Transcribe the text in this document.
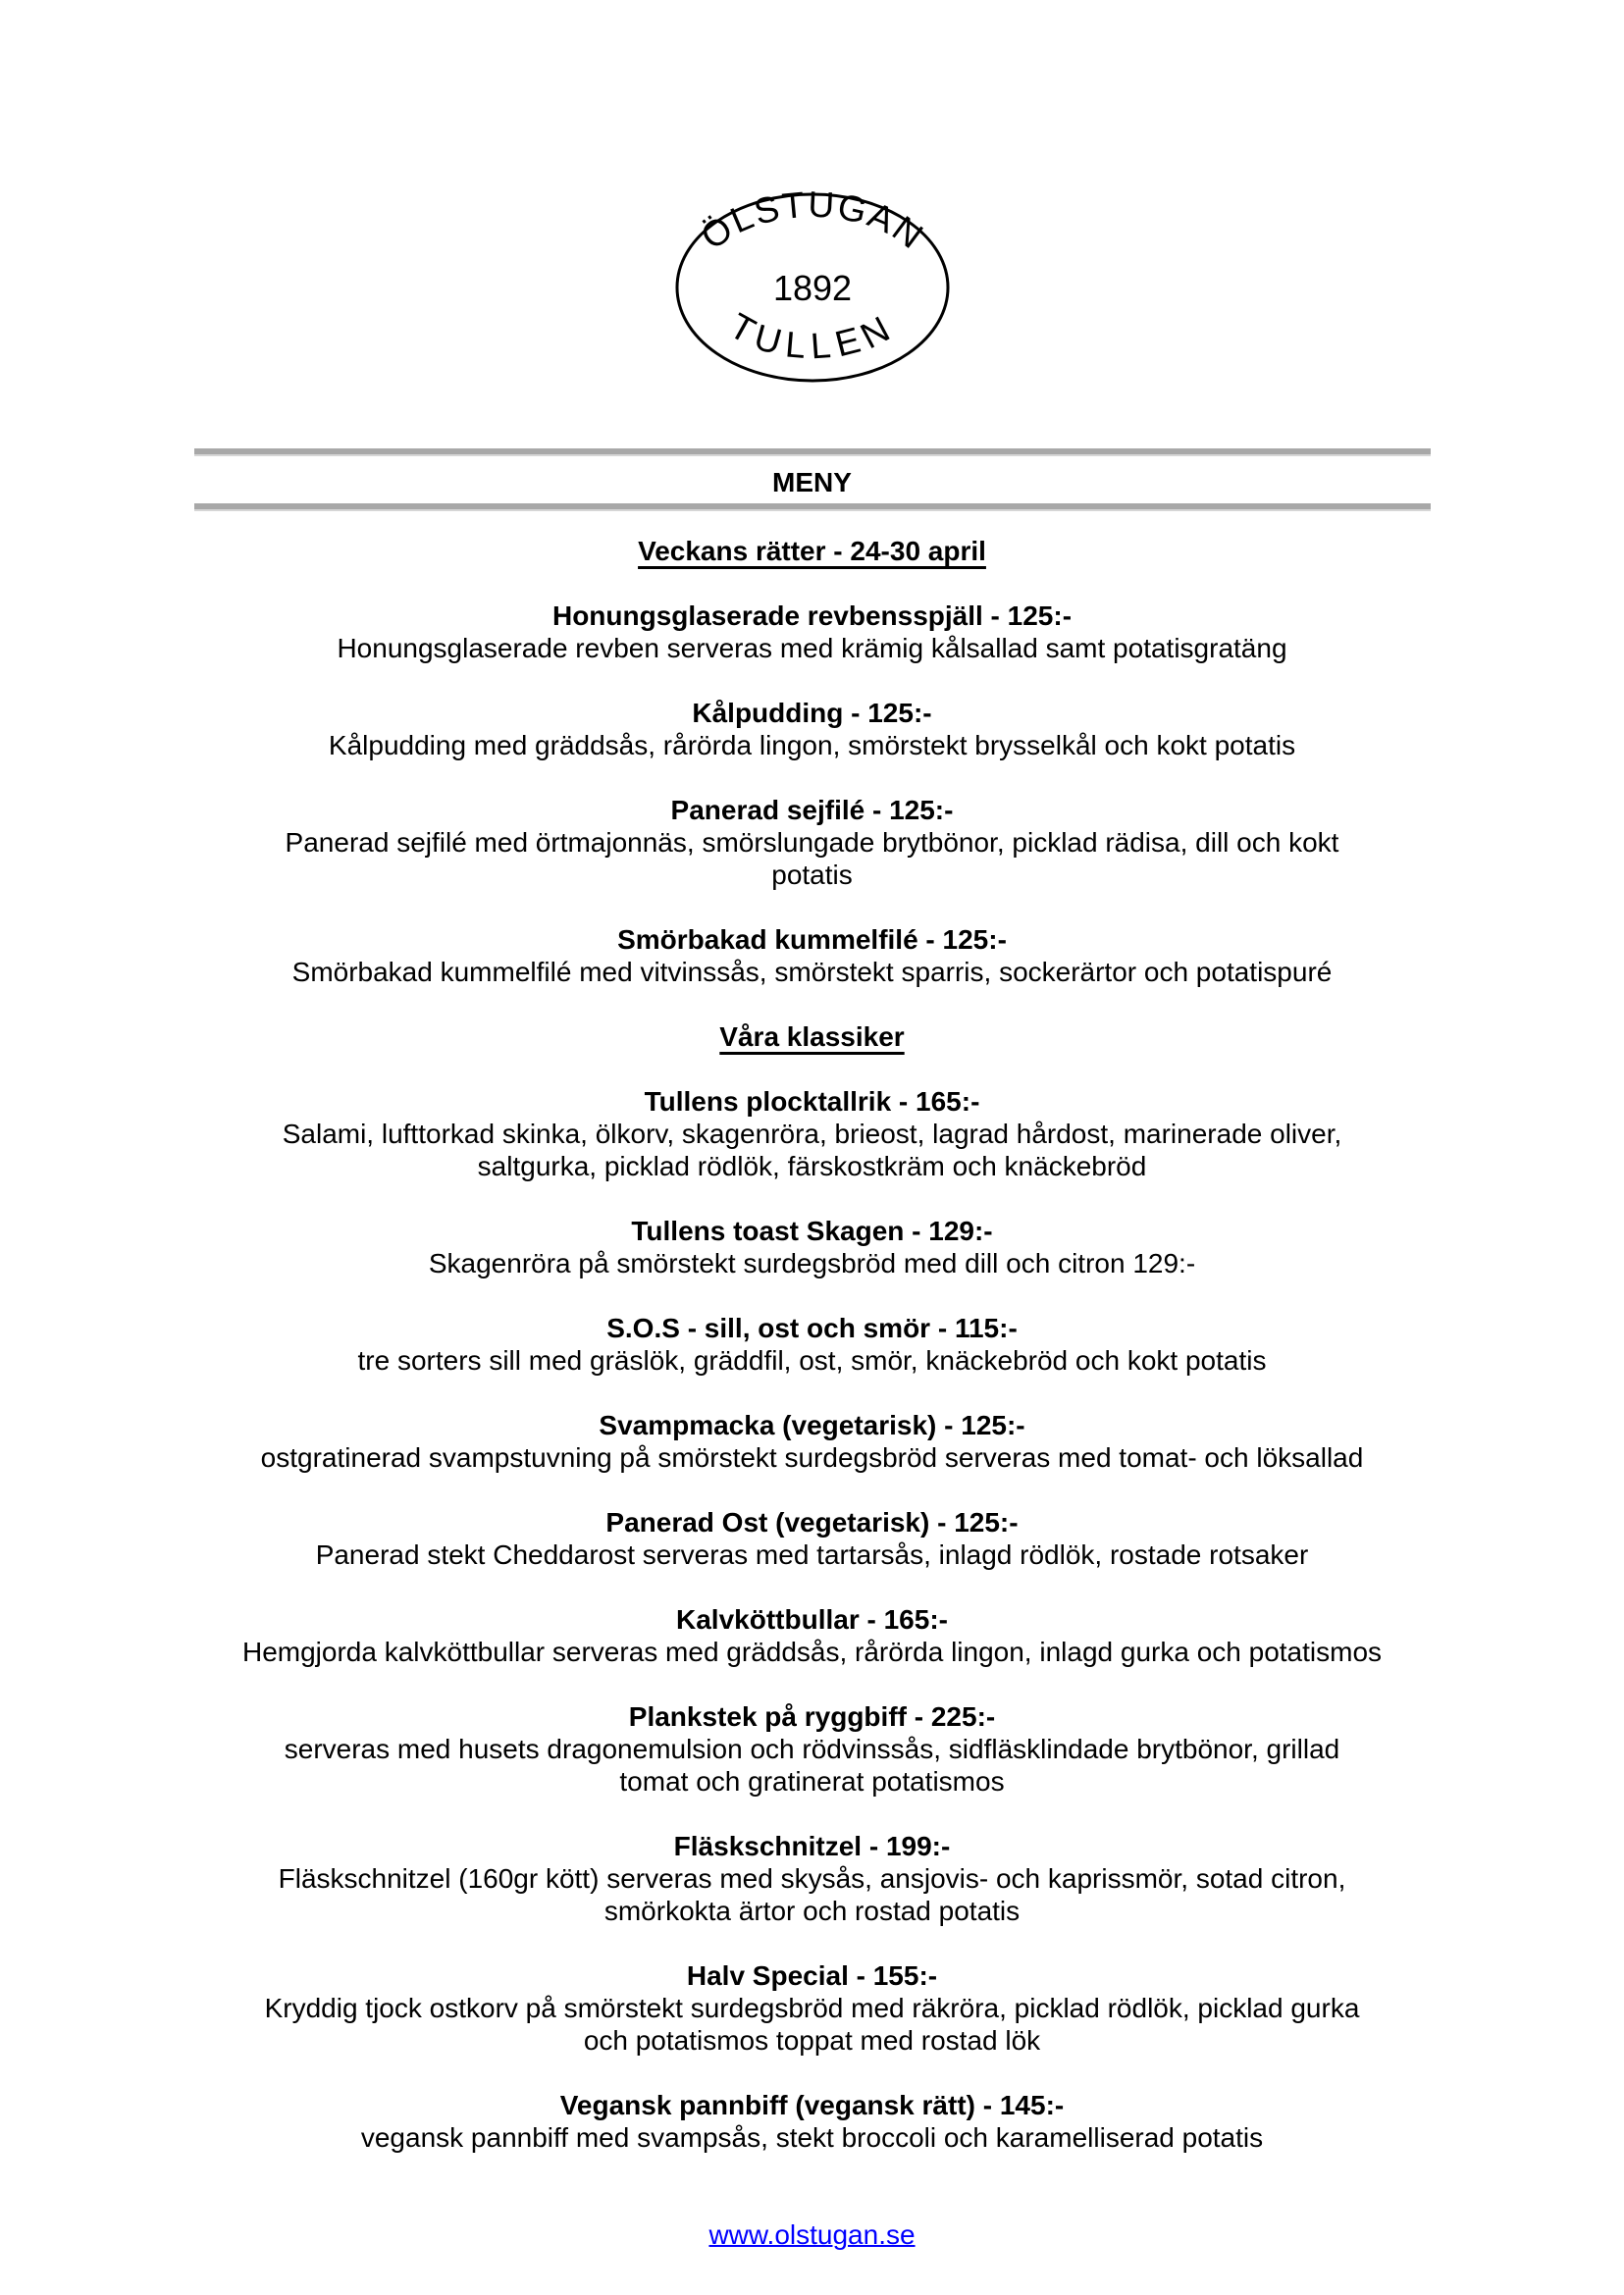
ÖLSTUGAN
1892
TULLEN
MENY
Veckans rätter - 24-30 april
Honungsglaserade revbensspjäll - 125:-
Honungsglaserade revben serveras med krämig kålsallad samt potatisgratäng
Kålpudding - 125:-
Kålpudding med gräddsås, rårörda lingon, smörstekt brysselkål och kokt potatis
Panerad sejfilé - 125:-
Panerad sejfilé med örtmajonnäs, smörslungade brytbönor, picklad rädisa, dill och kokt
potatis
Smörbakad kummelfilé - 125:-
Smörbakad kummelfilé med vitvinssås, smörstekt sparris, sockerärtor och potatispuré
Våra klassiker
Tullens plocktallrik - 165:-
Salami, lufttorkad skinka, ölkorv, skagenröra, brieost, lagrad hårdost, marinerade oliver,
saltgurka, picklad rödlök, färskostkräm och knäckebröd
Tullens toast Skagen - 129:-
Skagenröra på smörstekt surdegsbröd med dill och citron 129:-
S.O.S - sill, ost och smör - 115:-
tre sorters sill med gräslök, gräddfil, ost, smör, knäckebröd och kokt potatis
Svampmacka (vegetarisk) - 125:-
ostgratinerad svampstuvning på smörstekt surdegsbröd serveras med tomat- och löksallad
Panerad Ost (vegetarisk) - 125:-
Panerad stekt Cheddarost serveras med tartarsås, inlagd rödlök, rostade rotsaker
Kalvköttbullar - 165:-
Hemgjorda kalvköttbullar serveras med gräddsås, rårörda lingon, inlagd gurka och potatismos
Plankstek på ryggbiff - 225:-
serveras med husets dragonemulsion och rödvinssås, sidfläsklindade brytbönor, grillad
tomat och gratinerat potatismos
Fläskschnitzel - 199:-
Fläskschnitzel (160gr kött) serveras med skysås, ansjovis- och kaprissmör, sotad citron,
smörkokta ärtor och rostad potatis
Halv Special - 155:-
Kryddig tjock ostkorv på smörstekt surdegsbröd med räkröra, picklad rödlök, picklad gurka
och potatismos toppat med rostad lök
Vegansk pannbiff (vegansk rätt) - 145:-
vegansk pannbiff med svampsås, stekt broccoli och karamelliserad potatis
www.olstugan.se
